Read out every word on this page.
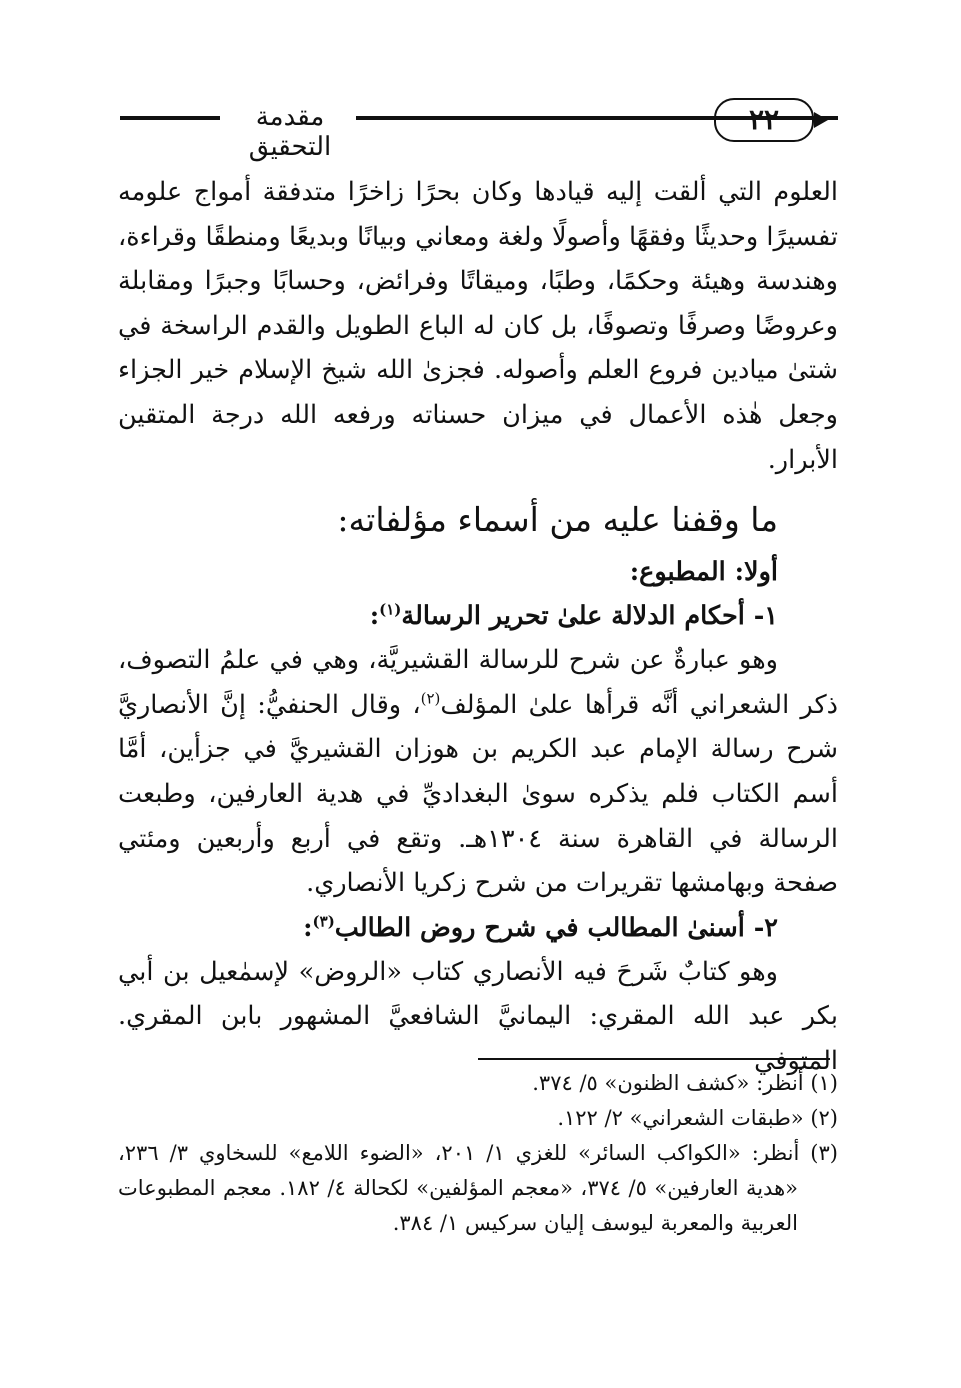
مقدمة التحقيق
٢٢

العلوم التي ألقت إليه قيادها وكان بحرًا زاخرًا متدفقة أمواج علومه تفسيرًا وحديثًا وفقهًا وأصولًا ولغة ومعاني وبيانًا وبديعًا ومنطقًا وقراءة، وهندسة وهيئة وحكمًا، وطبًا، وميقاتًا وفرائض، وحسابًا وجبرًا ومقابلة وعروضًا وصرفًا وتصوفًا، بل كان له الباع الطويل والقدم الراسخة في شتىٰ ميادين فروع العلم وأصوله. فجزىٰ الله شيخ الإسلام خير الجزاء وجعل هٰذه الأعمال في ميزان حسناته ورفعه الله درجة المتقين الأبرار.

ما وقفنا عليه من أسماء مؤلفاته:
أولا: المطبوع:
١- أحكام الدلالة علىٰ تحرير الرسالة$^{(١)}$:

وهو عبارةٌ عن شرح للرسالة القشيريَّة، وهي في علمُ التصوف، ذكر الشعراني أنَّه قرأها علىٰ المؤلف$^{(٢)}$، وقال الحنفيُّ: إنَّ الأنصاريَّ شرح رسالة الإمام عبد الكريم بن هوزان القشيريَّ في جزأين، أمَّا أسم الكتاب فلم يذكره سوىٰ البغداديِّ في هدية العارفين، وطبعت الرسالة في القاهرة سنة ١٣٠٤هـ. وتقع في أربع وأربعين ومئتي صفحة وبهامشها تقريرات من شرح زكريا الأنصاري.

٢- أسنىٰ المطالب في شرح روض الطالب$^{(٣)}$:

وهو كتابٌ شَرحَ فيه الأنصاري كتاب «الروض» لإسمٰعيل بن أبي بكر عبد الله المقري: اليمانيَّ الشافعيَّ المشهور بابن المقري. المتوفي

(١) أنظر: «كشف الظنون» ٥/ ٣٧٤.

(٢) «طبقات الشعراني» ٢/ ١٢٢.

(٣) أنظر: «الكواكب السائر» للغزي ١/ ٢٠١، «الضوء اللامع» للسخاوي ٣/ ٢٣٦، «هدية العارفين» ٥/ ٣٧٤، «معجم المؤلفين» لكحالة ٤/ ١٨٢. معجم المطبوعات العربية والمعربة ليوسف إليان سركيس ١/ ٣٨٤.
